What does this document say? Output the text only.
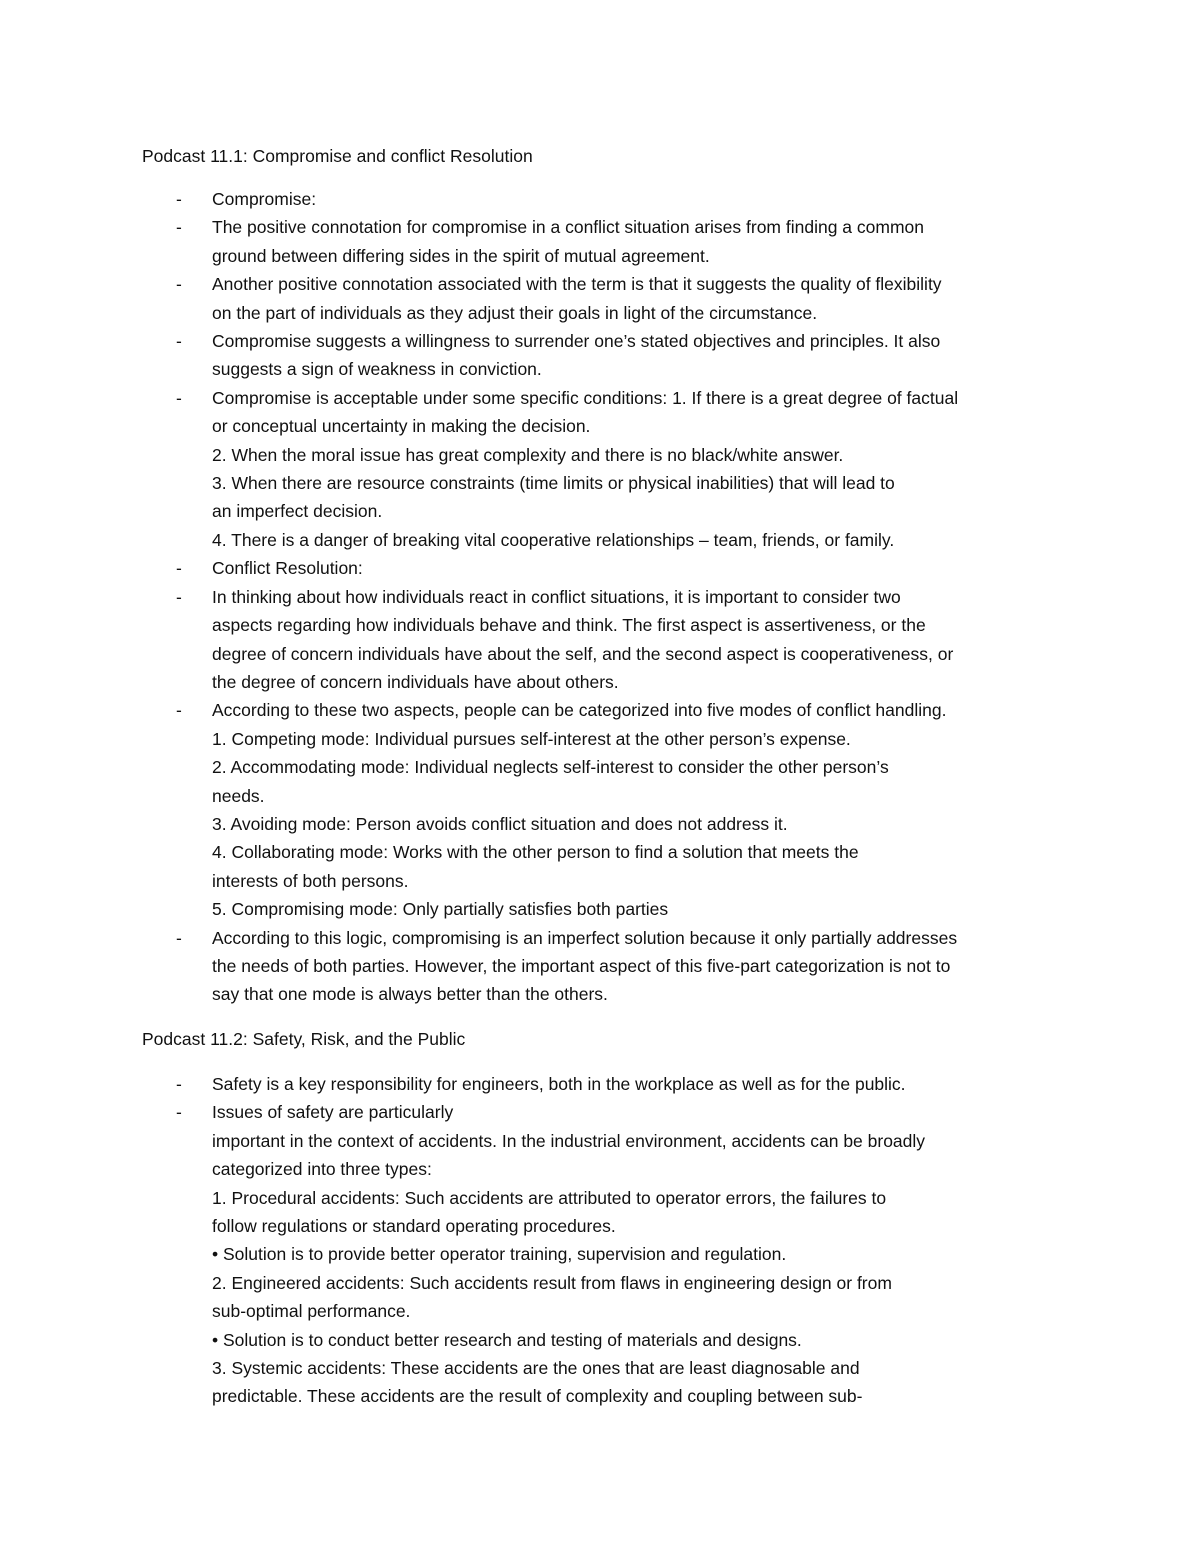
Podcast 11.1: Compromise and conflict Resolution
- Compromise:
- The positive connotation for compromise in a conflict situation arises from finding a common
ground between differing sides in the spirit of mutual agreement.
- Another positive connotation associated with the term is that it suggests the quality of flexibility
on the part of individuals as they adjust their goals in light of the circumstance.
- Compromise suggests a willingness to surrender one’s stated objectives and principles. It also
suggests a sign of weakness in conviction.
- Compromise is acceptable under some specific conditions: 1. If there is a great degree of factual
or conceptual uncertainty in making the decision.
2. When the moral issue has great complexity and there is no black/white answer.
3. When there are resource constraints (time limits or physical inabilities) that will lead to
an imperfect decision.
4. There is a danger of breaking vital cooperative relationships – team, friends, or family.
- Conflict Resolution:
- In thinking about how individuals react in conflict situations, it is important to consider two
aspects regarding how individuals behave and think. The first aspect is assertiveness, or the
degree of concern individuals have about the self, and the second aspect is cooperativeness, or
the degree of concern individuals have about others.
- According to these two aspects, people can be categorized into five modes of conflict handling.
1. Competing mode: Individual pursues self-interest at the other person’s expense.
2. Accommodating mode: Individual neglects self-interest to consider the other person’s
needs.
3. Avoiding mode: Person avoids conflict situation and does not address it.
4. Collaborating mode: Works with the other person to find a solution that meets the
interests of both persons.
5. Compromising mode: Only partially satisfies both parties
- According to this logic, compromising is an imperfect solution because it only partially addresses
the needs of both parties. However, the important aspect of this five-part categorization is not to
say that one mode is always better than the others.
Podcast 11.2: Safety, Risk, and the Public
- Safety is a key responsibility for engineers, both in the workplace as well as for the public.
- Issues of safety are particularly
important in the context of accidents. In the industrial environment, accidents can be broadly
categorized into three types:
1. Procedural accidents: Such accidents are attributed to operator errors, the failures to
follow regulations or standard operating procedures.
• Solution is to provide better operator training, supervision and regulation.
2. Engineered accidents: Such accidents result from flaws in engineering design or from
sub-optimal performance.
• Solution is to conduct better research and testing of materials and designs.
3. Systemic accidents: These accidents are the ones that are least diagnosable and
predictable. These accidents are the result of complexity and coupling between sub-
